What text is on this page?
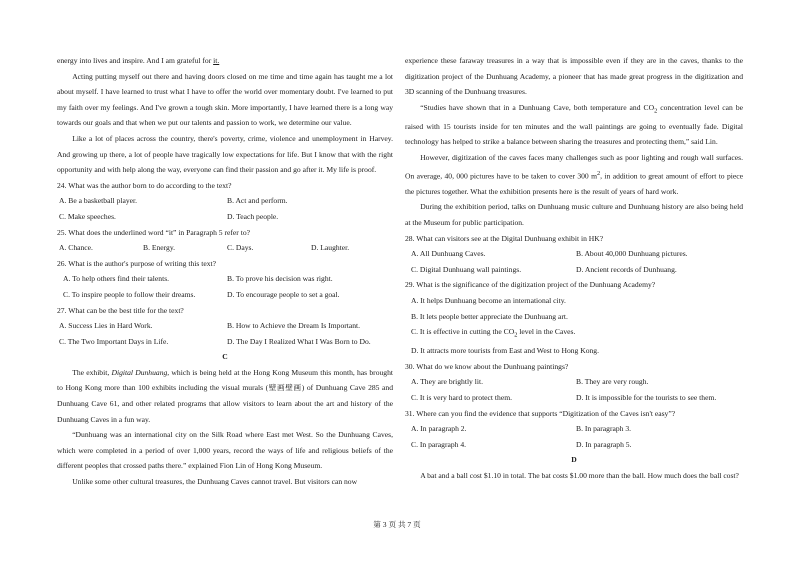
energy into lives and inspire. And I am grateful for it.

Acting putting myself out there and having doors closed on me time and time again has taught me a lot about myself. I have learned to trust what I have to offer the world over momentary doubt. I've learned to put my faith over my feelings. And I've grown a tough skin. More importantly, I have learned there is a long way towards our goals and that when we put our talents and passion to work, we determine our value.

Like a lot of places across the country, there's poverty, crime, violence and unemployment in Harvey. And growing up there, a lot of people have tragically low expectations for life. But I know that with the right opportunity and with help along the way, everyone can find their passion and go after it. My life is proof.

24. What was the author born to do according to the text?

A. Be a basketball player.	B. Act and perform.
C. Make speeches.	D. Teach people.

25. What does the underlined word “it” in Paragraph 5 refer to?

A. Chance.	B. Energy.	C. Days.	D. Laughter.

26. What is the author's purpose of writing this text?

A. To help others find their talents.	B. To prove his decision was right.
C. To inspire people to follow their dreams.	D. To encourage people to set a goal.

27. What can be the best title for the text?

A. Success Lies in Hard Work.	B. How to Achieve the Dream Is Important.
C. The Two Important Days in Life.	D. The Day I Realized What I Was Born to Do.

C

The exhibit, Digital Dunhuang, which is being held at the Hong Kong Museum this month, has brought to Hong Kong more than 100 exhibits including the visual murals (壁画壁画) of Dunhuang Cave 285 and Dunhuang Cave 61, and other related programs that allow visitors to learn about the art and history of the Dunhuang Caves in a fun way.

“Dunhuang was an international city on the Silk Road where East met West. So the Dunhuang Caves, which were completed in a period of over 1,000 years, record the ways of life and religious beliefs of the different peoples that crossed paths there.” explained Fion Lin of Hong Kong Museum.

Unlike some other cultural treasures, the Dunhuang Caves cannot travel. But visitors can now

experience these faraway treasures in a way that is impossible even if they are in the caves, thanks to the digitization project of the Dunhuang Academy, a pioneer that has made great progress in the digitization and 3D scanning of the Dunhuang treasures.

“Studies have shown that in a Dunhuang Cave, both temperature and $CO_2$ concentration level can be raised with 15 tourists inside for ten minutes and the wall paintings are going to eventually fade. Digital technology has helped to strike a balance between sharing the treasures and protecting them,” said Lin.

However, digitization of the caves faces many challenges such as poor lighting and rough wall surfaces. On average, 40, 000 pictures have to be taken to cover 300 $m^2$, in addition to great amount of effort to piece the pictures together. What the exhibition presents here is the result of years of hard work.

During the exhibition period, talks on Dunhuang music culture and Dunhuang history are also being held at the Museum for public participation.

28. What can visitors see at the Digital Dunhuang exhibit in HK?

A. All Dunhuang Caves.	B. About 40,000 Dunhuang pictures.
C. Digital Dunhuang wall paintings.	D. Ancient records of Dunhuang.

29. What is the significance of the digitization project of the Dunhuang Academy?

A. It helps Dunhuang become an international city.

B. It lets people better appreciate the Dunhuang art.

C. It is effective in cutting the $CO_2$ level in the Caves.

D. It attracts more tourists from East and West to Hong Kong.

30. What do we know about the Dunhuang paintings?

A. They are brightly lit.	B. They are very rough.
C. It is very hard to protect them.	D. It is impossible for the tourists to see them.

31. Where can you find the evidence that supports “Digitization of the Caves isn't easy”?

A. In paragraph 2.	B. In paragraph 3.
C. In paragraph 4.	D. In paragraph 5.

D

A bat and a ball cost $1.10 in total. The bat costs $1.00 more than the ball. How much does the ball cost?

第 3 页 共 7 页
